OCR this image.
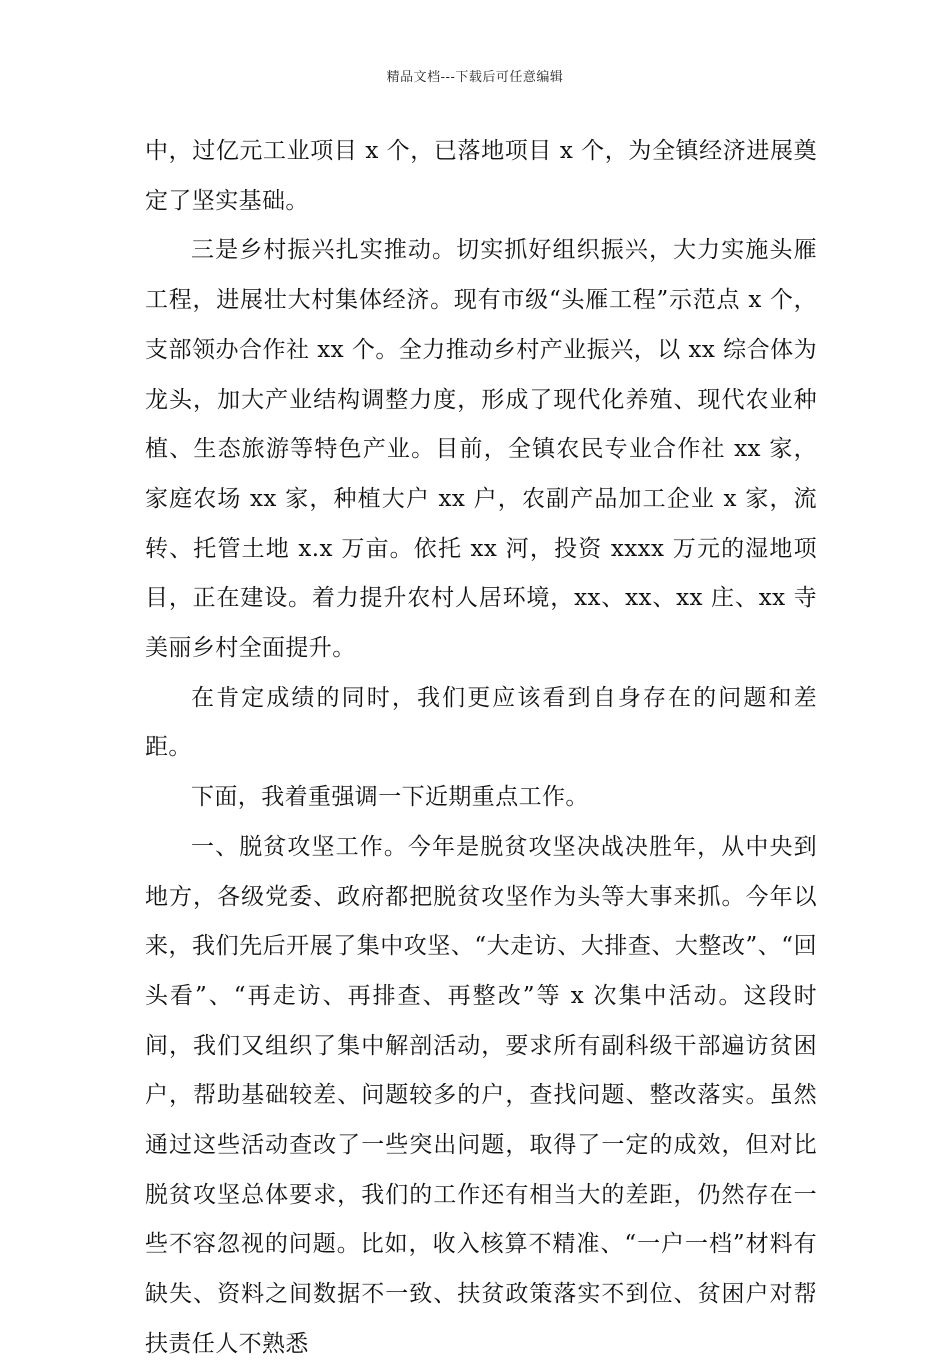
精品文档---下载后可任意编辑

中，过亿元工业项目 x 个，已落地项目 x 个，为全镇经济进展奠定了坚实基础。

三是乡村振兴扎实推动。切实抓好组织振兴，大力实施头雁工程，进展壮大村集体经济。现有市级“头雁工程”示范点 x 个，支部领办合作社 xx 个。全力推动乡村产业振兴，以 xx 综合体为龙头，加大产业结构调整力度，形成了现代化养殖、现代农业种植、生态旅游等特色产业。目前，全镇农民专业合作社 xx 家，家庭农场 xx 家，种植大户 xx 户，农副产品加工企业 x 家，流转、托管土地 x.x 万亩。依托 xx 河，投资 xxxx 万元的湿地项目，正在建设。着力提升农村人居环境，xx、xx、xx 庄、xx 寺美丽乡村全面提升。

在肯定成绩的同时，我们更应该看到自身存在的问题和差距。

下面，我着重强调一下近期重点工作。

一、脱贫攻坚工作。今年是脱贫攻坚决战决胜年，从中央到地方，各级党委、政府都把脱贫攻坚作为头等大事来抓。今年以来，我们先后开展了集中攻坚、“大走访、大排查、大整改”、“回头看”、“再走访、再排查、再整改”等 x 次集中活动。这段时间，我们又组织了集中解剖活动，要求所有副科级干部遍访贫困户，帮助基础较差、问题较多的户，查找问题、整改落实。虽然通过这些活动查改了一些突出问题，取得了一定的成效，但对比脱贫攻坚总体要求，我们的工作还有相当大的差距，仍然存在一些不容忽视的问题。比如，收入核算不精准、“一户一档”材料有缺失、资料之间数据不一致、扶贫政策落实不到位、贫困户对帮扶责任人不熟悉
